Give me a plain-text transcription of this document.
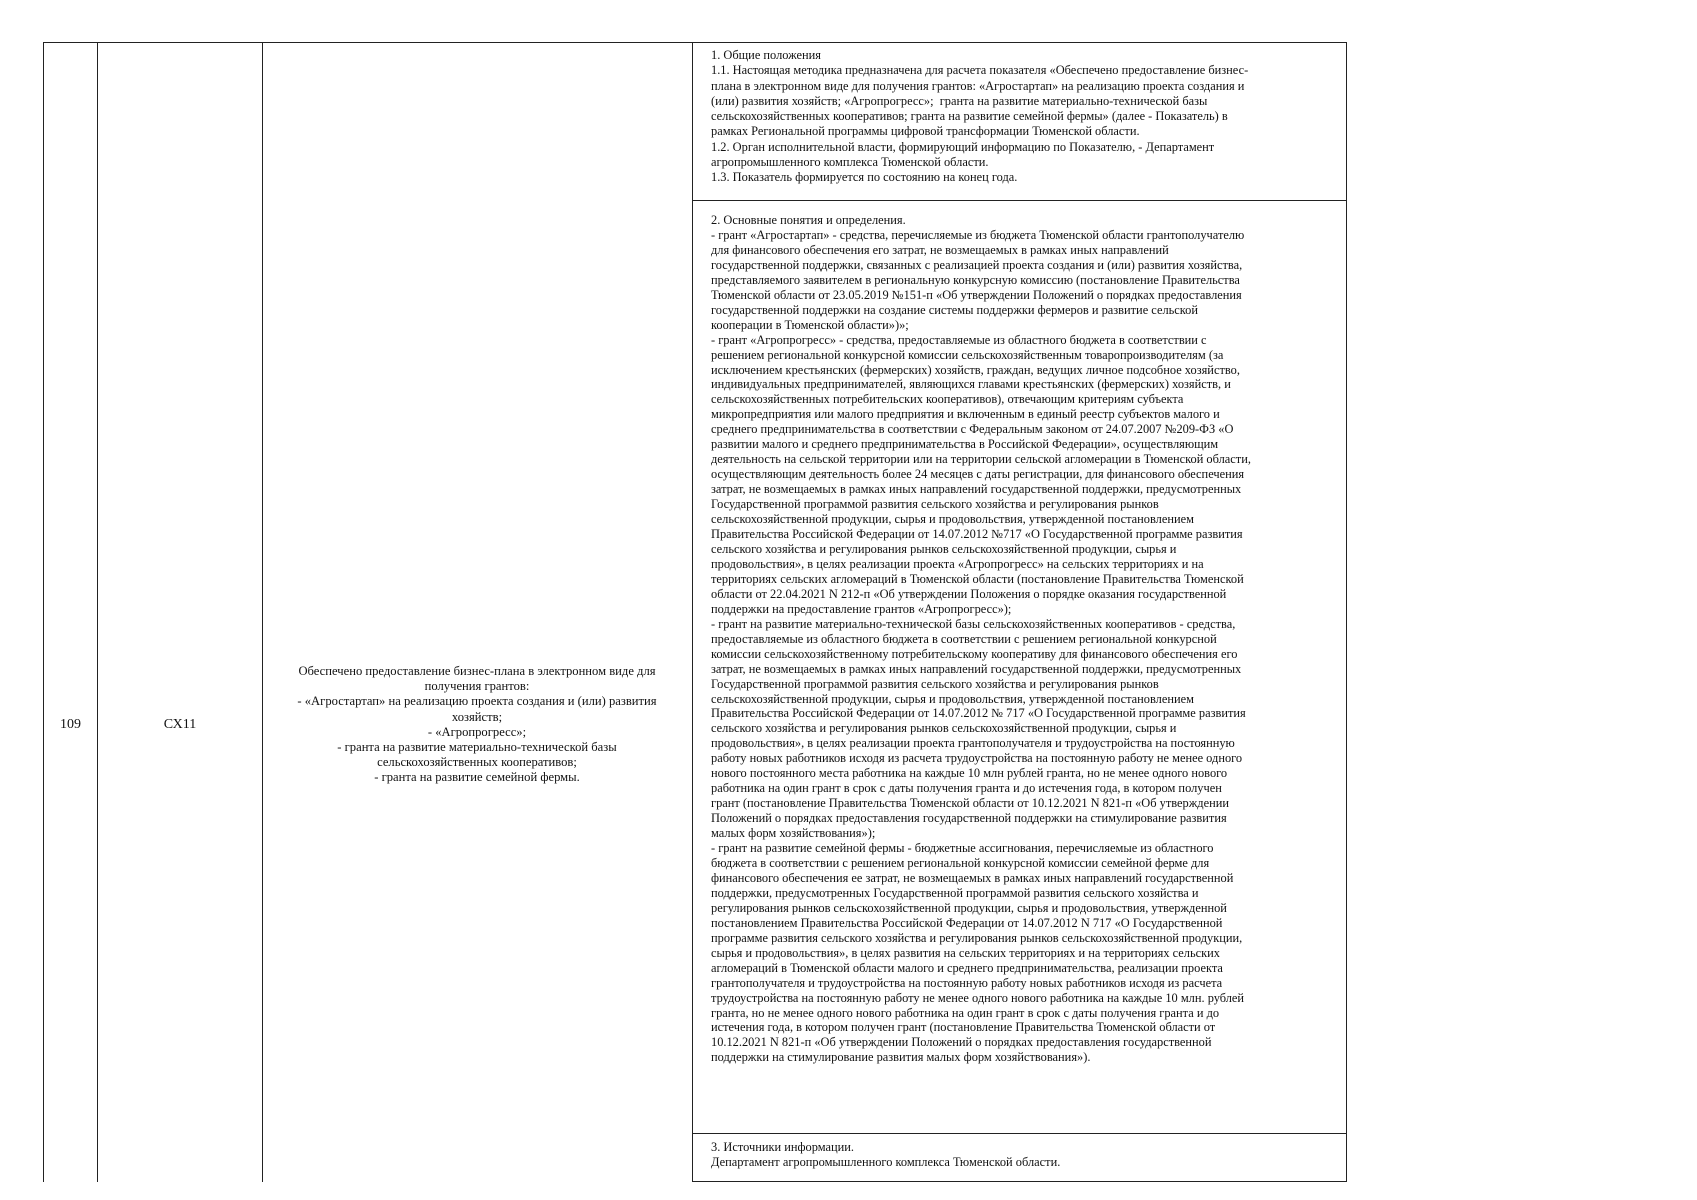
109	СХ11
Обеспечено предоставление бизнес-плана в электронном виде для
получения грантов:
- «Агростартап» на реализацию проекта создания и (или) развития
хозяйств;
- «Агропрогресс»;
- гранта на развитие материально-технической базы
сельскохозяйственных кооперативов;
- гранта на развитие семейной фермы.

1. Общие положения

1.1. Настоящая методика предназначена для расчета показателя «Обеспечено предоставление бизнес-

плана в электронном виде для получения грантов: «Агростартап» на реализацию проекта создания и

(или) развития хозяйств; «Агропрогресс»;  гранта на развитие материально-технической базы

сельскохозяйственных кооперативов; гранта на развитие семейной фермы» (далее - Показатель) в

рамках Региональной программы цифровой трансформации Тюменской области.

1.2. Орган исполнительной власти, формирующий информацию по Показателю, - Департамент

агропромышленного комплекса Тюменской области.

1.3. Показатель формируется по состоянию на конец года.

2. Основные понятия и определения.

- грант «Агростартап» - средства, перечисляемые из бюджета Тюменской области грантополучателю

для финансового обеспечения его затрат, не возмещаемых в рамках иных направлений

государственной поддержки, связанных с реализацией проекта создания и (или) развития хозяйства,

представляемого заявителем в региональную конкурсную комиссию (постановление Правительства

Тюменской области от 23.05.2019 №151-п «Об утверждении Положений о порядках предоставления

государственной поддержки на создание системы поддержки фермеров и развитие сельской

кооперации в Тюменской области»)»;

- грант «Агропрогресс» - средства, предоставляемые из областного бюджета в соответствии с

решением региональной конкурсной комиссии сельскохозяйственным товаропроизводителям (за

исключением крестьянских (фермерских) хозяйств, граждан, ведущих личное подсобное хозяйство,

индивидуальных предпринимателей, являющихся главами крестьянских (фермерских) хозяйств, и

сельскохозяйственных потребительских кооперативов), отвечающим критериям субъекта

микропредприятия или малого предприятия и включенным в единый реестр субъектов малого и

среднего предпринимательства в соответствии с Федеральным законом от 24.07.2007 №209-ФЗ «О

развитии малого и среднего предпринимательства в Российской Федерации», осуществляющим

деятельность на сельской территории или на территории сельской агломерации в Тюменской области,

осуществляющим деятельность более 24 месяцев с даты регистрации, для финансового обеспечения

затрат, не возмещаемых в рамках иных направлений государственной поддержки, предусмотренных

Государственной программой развития сельского хозяйства и регулирования рынков

сельскохозяйственной продукции, сырья и продовольствия, утвержденной постановлением

Правительства Российской Федерации от 14.07.2012 №717 «О Государственной программе развития

сельского хозяйства и регулирования рынков сельскохозяйственной продукции, сырья и

продовольствия», в целях реализации проекта «Агропрогресс» на сельских территориях и на

территориях сельских агломераций в Тюменской области (постановление Правительства Тюменской

области от 22.04.2021 N 212-п «Об утверждении Положения о порядке оказания государственной

поддержки на предоставление грантов «Агропрогресс»);

- грант на развитие материально-технической базы сельскохозяйственных кооперативов - средства,

предоставляемые из областного бюджета в соответствии с решением региональной конкурсной

комиссии сельскохозяйственному потребительскому кооперативу для финансового обеспечения его

затрат, не возмещаемых в рамках иных направлений государственной поддержки, предусмотренных

Государственной программой развития сельского хозяйства и регулирования рынков

сельскохозяйственной продукции, сырья и продовольствия, утвержденной постановлением

Правительства Российской Федерации от 14.07.2012 № 717 «О Государственной программе развития

сельского хозяйства и регулирования рынков сельскохозяйственной продукции, сырья и

продовольствия», в целях реализации проекта грантополучателя и трудоустройства на постоянную

работу новых работников исходя из расчета трудоустройства на постоянную работу не менее одного

нового постоянного места работника на каждые 10 млн рублей гранта, но не менее одного нового

работника на один грант в срок с даты получения гранта и до истечения года, в котором получен

грант (постановление Правительства Тюменской области от 10.12.2021 N 821-п «Об утверждении

Положений о порядках предоставления государственной поддержки на стимулирование развития

малых форм хозяйствования»);

- грант на развитие семейной фермы - бюджетные ассигнования, перечисляемые из областного

бюджета в соответствии с решением региональной конкурсной комиссии семейной ферме для

финансового обеспечения ее затрат, не возмещаемых в рамках иных направлений государственной

поддержки, предусмотренных Государственной программой развития сельского хозяйства и

регулирования рынков сельскохозяйственной продукции, сырья и продовольствия, утвержденной

постановлением Правительства Российской Федерации от 14.07.2012 N 717 «О Государственной

программе развития сельского хозяйства и регулирования рынков сельскохозяйственной продукции,

сырья и продовольствия», в целях развития на сельских территориях и на территориях сельских

агломераций в Тюменской области малого и среднего предпринимательства, реализации проекта

грантополучателя и трудоустройства на постоянную работу новых работников исходя из расчета

трудоустройства на постоянную работу не менее одного нового работника на каждые 10 млн. рублей

гранта, но не менее одного нового работника на один грант в срок с даты получения гранта и до

истечения года, в котором получен грант (постановление Правительства Тюменской области от

10.12.2021 N 821-п «Об утверждении Положений о порядках предоставления государственной

поддержки на стимулирование развития малых форм хозяйствования»).

3. Источники информации.

Департамент агропромышленного комплекса Тюменской области.
